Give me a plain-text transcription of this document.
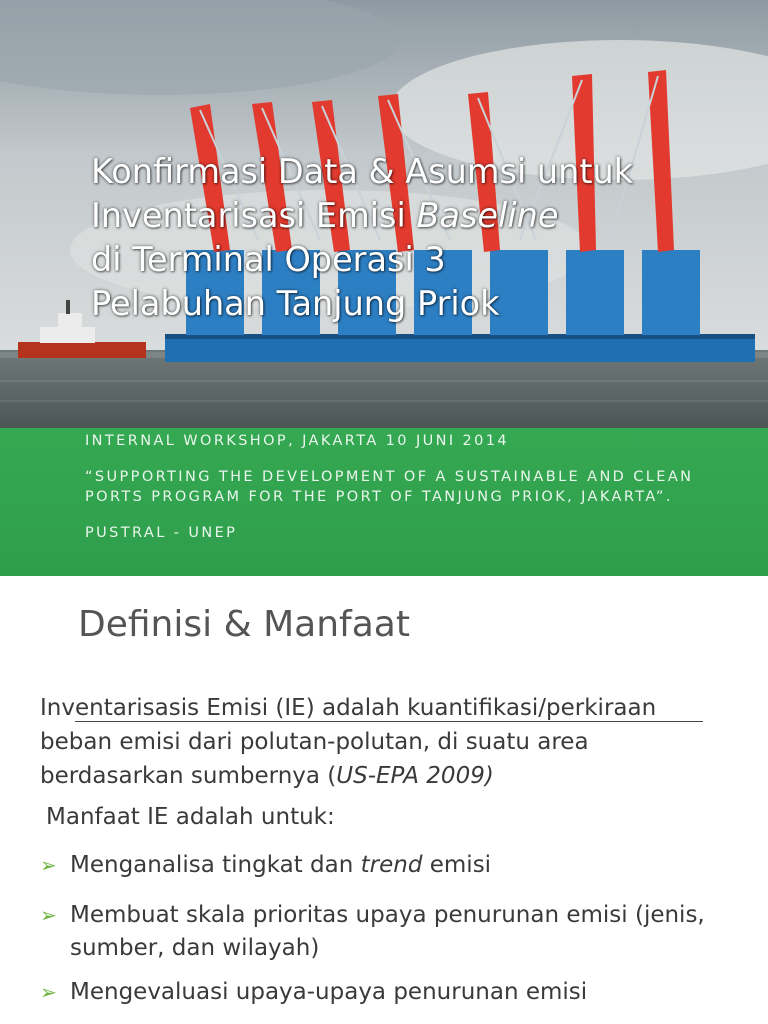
Konfirmasi Data & Asumsi untuk
Inventarisasi Emisi Baseline
di Terminal Operasi 3
Pelabuhan Tanjung Priok
INTERNAL WORKSHOP, JAKARTA 10 JUNI 2014
“SUPPORTING THE DEVELOPMENT OF A SUSTAINABLE AND CLEAN
PORTS PROGRAM FOR THE PORT OF TANJUNG PRIOK, JAKARTA”.
PUSTRAL - UNEP
Definisi & Manfaat
Inventarisasis Emisi (IE) adalah kuantifikasi/perkiraan
beban emisi dari polutan-polutan, di suatu area
berdasarkan sumbernya (US-EPA 2009)
Manfaat IE adalah untuk:
➢ Menganalisa tingkat dan trend emisi
➢ Membuat skala prioritas upaya penurunan emisi (jenis,
sumber, dan wilayah)
➢ Mengevaluasi upaya-upaya penurunan emisi
